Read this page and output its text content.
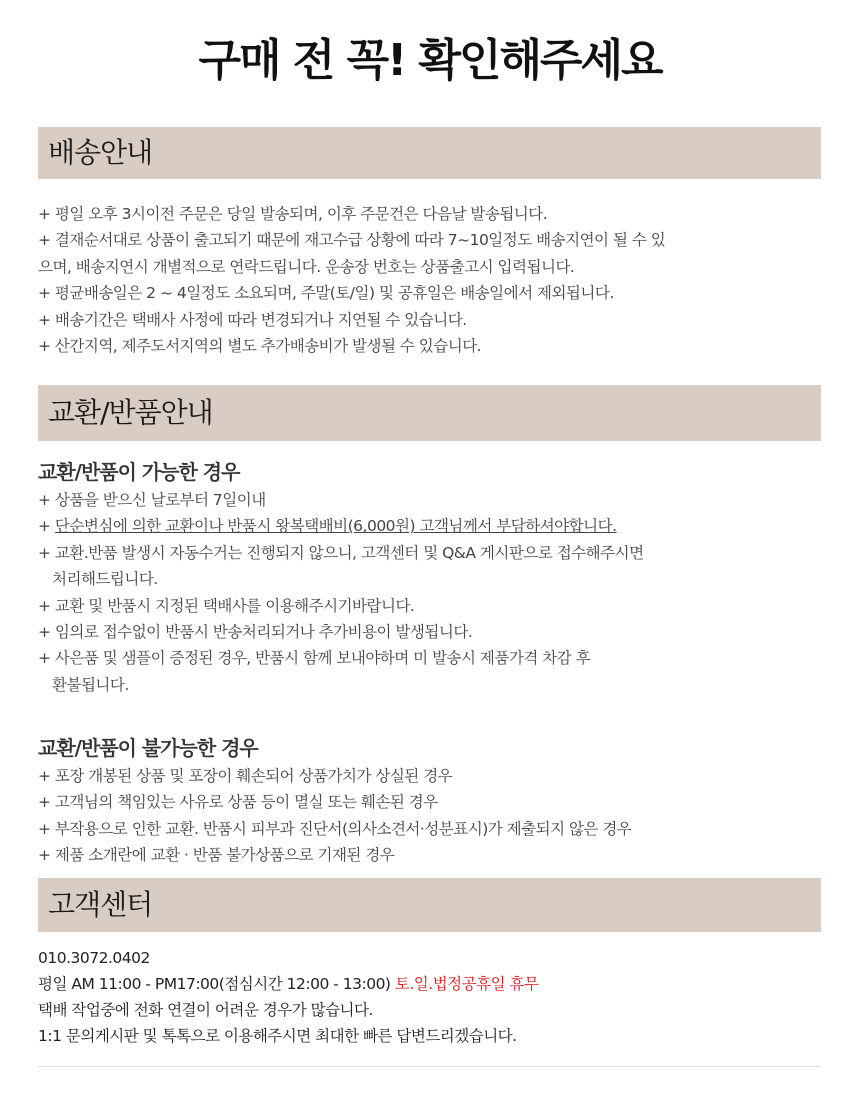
구매 전 꼭! 확인해주세요
배송안내
+ 평일 오후 3시이전 주문은 당일 발송되며, 이후 주문건은 다음날 발송됩니다.
+ 결재순서대로 상품이 출고되기 때문에 재고수급 상황에 따라 7~10일정도 배송지연이 될 수 있
으며, 배송지연시 개별적으로 연락드립니다. 운송장 번호는 상품출고시 입력됩니다.
+ 평균배송일은 2 ~ 4일정도 소요되며, 주말(토/일) 및 공휴일은 배송일에서 제외됩니다.
+ 배송기간은 택배사 사정에 따라 변경되거나 지연될 수 있습니다.
+ 산간지역, 제주도서지역의 별도 추가배송비가 발생될 수 있습니다.
교환/반품안내
교환/반품이 가능한 경우
+ 상품을 받으신 날로부터 7일이내
+ 단순변심에 의한 교환이나 반품시 왕복택배비(6,000원) 고객님께서 부담하셔야합니다.
+ 교환.반품 발생시 자동수거는 진행되지 않으니, 고객센터 및 Q&A 게시판으로 접수해주시면
처리해드립니다.
+ 교환 및 반품시 지정된 택배사를 이용해주시기바랍니다.
+ 임의로 접수없이 반품시 반송처리되거나 추가비용이 발생됩니다.
+ 사은품 및 샘플이 증정된 경우, 반품시 함께 보내야하며 미 발송시 제품가격 차감 후
환불됩니다.
교환/반품이 불가능한 경우
+ 포장 개봉된 상품 및 포장이 훼손되어 상품가치가 상실된 경우
+ 고객님의 책임있는 사유로 상품 등이 멸실 또는 훼손된 경우
+ 부작용으로 인한 교환. 반품시 피부과 진단서(의사소견서·성분표시)가 제출되지 않은 경우
+ 제품 소개란에 교환 · 반품 불가상품으로 기재된 경우
고객센터
010.3072.0402
평일 AM 11:00 - PM17:00(점심시간 12:00 - 13:00) 토.일.법정공휴일 휴무
택배 작업중에 전화 연결이 어려운 경우가 많습니다.
1:1 문의게시판 및 톡톡으로 이용해주시면 최대한 빠른 답변드리겠습니다.
